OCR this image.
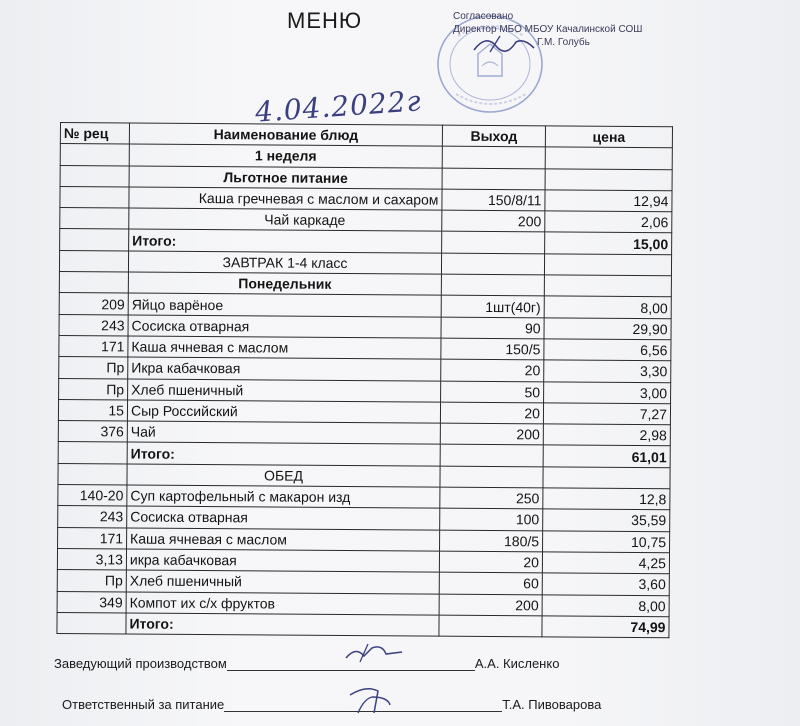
МЕНЮ	Согласовано
Директор МБО МБОУ Качалинской СОШ
Г.М. Голубь
4.04.2022г
№ рец	Наименование блюд	Выход	цена
	1 неделя		
	Льготное питание		
	Каша гречневая с маслом и сахаром	150/8/11	12,94
	Чай каркаде	200	2,06
	Итого:		15,00
	ЗАВТРАК 1-4 класс		
	Понедельник		
209	Яйцо варёное	1шт(40г)	8,00
243	Сосиска отварная	90	29,90
171	Каша ячневая с маслом	150/5	6,56
Пр	Икра кабачковая	20	3,30
Пр	Хлеб пшеничный	50	3,00
15	Сыр Российский	20	7,27
376	Чай	200	2,98
	Итого:		61,01
	ОБЕД		
140-20	Суп картофельный с макарон изд	250	12,8
243	Сосиска отварная	100	35,59
171	Каша ячневая с маслом	180/5	10,75
3,13	икра кабачковая	20	4,25
Пр	Хлеб пшеничный	60	3,60
349	Компот их с/х фруктов	200	8,00
	Итого:		74,99
Заведующий производством	А.А. Кисленко
Ответственный за питание	Т.А. Пивоварова
